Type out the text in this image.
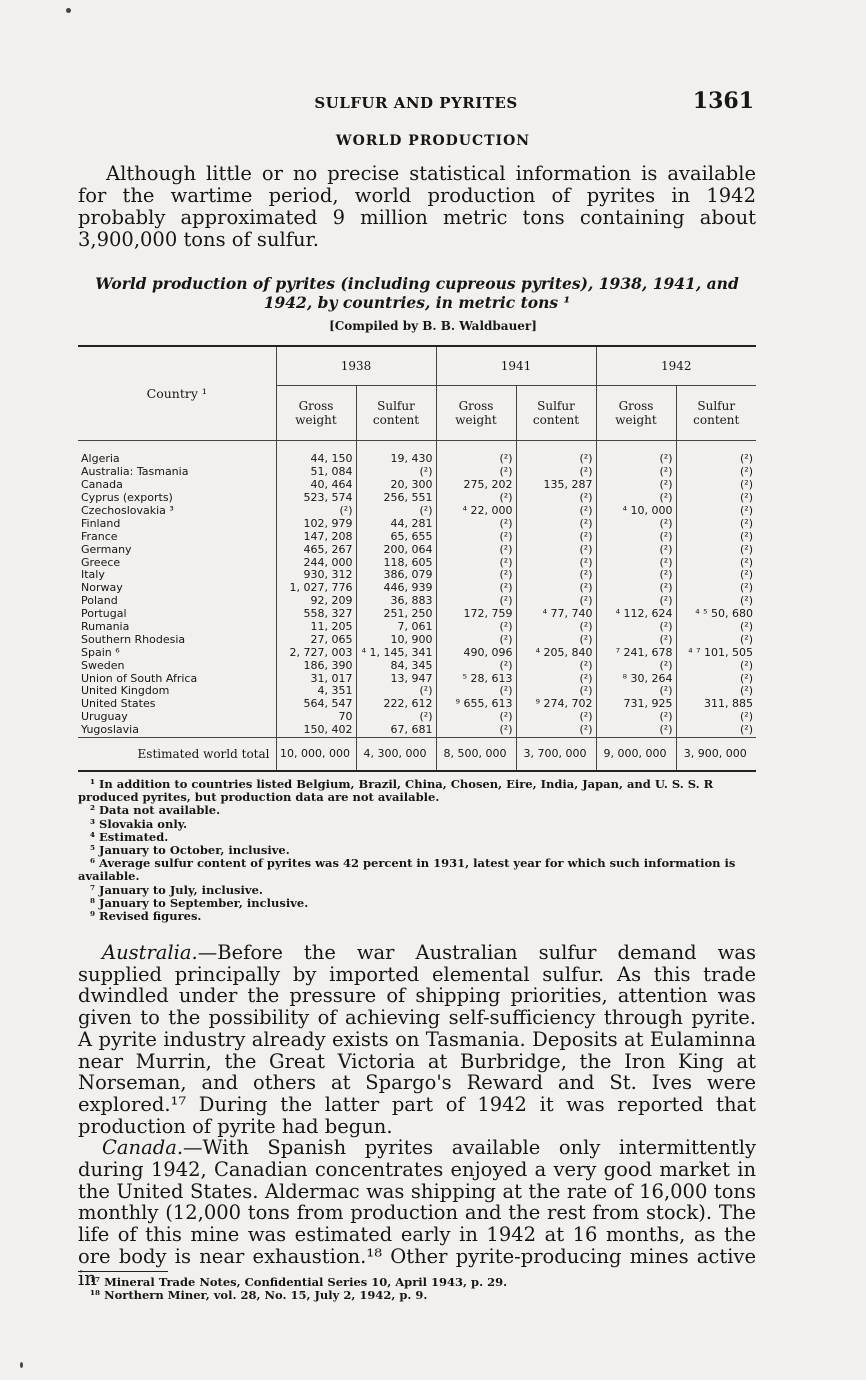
SULFUR AND PYRITES	1361
WORLD PRODUCTION

Although little or no precise statistical information is available for the wartime period, world production of pyrites in 1942 probably approximated 9 million metric tons containing about 3,900,000 tons of sulfur.

World production of pyrites (including cupreous pyrites), 1938, 1941, and 1942, by countries, in metric tons ¹
[Compiled by B. B. Waldbauer]
Country ¹	1938		1941		1942	
	Gross weight	Sulfur content	Gross weight	Sulfur content	Gross weight	Sulfur content
Algeria	44, 150	19, 430	(²)	(²)	(²)	(²)
Australia: Tasmania	51, 084	(²)	(²)	(²)	(²)	(²)
Canada	40, 464	20, 300	275, 202	135, 287	(²)	(²)
Cyprus (exports)	523, 574	256, 551	(²)	(²)	(²)	(²)
Czechoslovakia ³	(²)	(²)	⁴ 22, 000	(²)	⁴ 10, 000	(²)
Finland	102, 979	44, 281	(²)	(²)	(²)	(²)
France	147, 208	65, 655	(²)	(²)	(²)	(²)
Germany	465, 267	200, 064	(²)	(²)	(²)	(²)
Greece	244, 000	118, 605	(²)	(²)	(²)	(²)
Italy	930, 312	386, 079	(²)	(²)	(²)	(²)
Norway	1, 027, 776	446, 939	(²)	(²)	(²)	(²)
Poland	92, 209	36, 883	(²)	(²)	(²)	(²)
Portugal	558, 327	251, 250	172, 759	⁴ 77, 740	⁴ 112, 624	⁴ ⁵ 50, 680
Rumania	11, 205	7, 061	(²)	(²)	(²)	(²)
Southern Rhodesia	27, 065	10, 900	(²)	(²)	(²)	(²)
Spain ⁶	2, 727, 003	⁴ 1, 145, 341	490, 096	⁴ 205, 840	⁷ 241, 678	⁴ ⁷ 101, 505
Sweden	186, 390	84, 345	(²)	(²)	(²)	(²)
Union of South Africa	31, 017	13, 947	⁵ 28, 613	(²)	⁸ 30, 264	(²)
United Kingdom	4, 351	(²)	(²)	(²)	(²)	(²)
United States	564, 547	222, 612	⁹ 655, 613	⁹ 274, 702	731, 925	311, 885
Uruguay	70	(²)	(²)	(²)	(²)	(²)
Yugoslavia	150, 402	67, 681	(²)	(²)	(²)	(²)
Estimated world total	10, 000, 000	4, 300, 000	8, 500, 000	3, 700, 000	9, 000, 000	3, 900, 000
¹ In addition to countries listed Belgium, Brazil, China, Chosen, Eire, India, Japan, and U. S. S. R produced pyrites, but production data are not available.
² Data not available.
³ Slovakia only.
⁴ Estimated.
⁵ January to October, inclusive.
⁶ Average sulfur content of pyrites was 42 percent in 1931, latest year for which such information is available.
⁷ January to July, inclusive.
⁸ January to September, inclusive.
⁹ Revised figures.

Australia.—Before the war Australian sulfur demand was supplied principally by imported elemental sulfur. As this trade dwindled under the pressure of shipping priorities, attention was given to the possibility of achieving self-sufficiency through pyrite. A pyrite industry already exists on Tasmania. Deposits at Eulaminna near Murrin, the Great Victoria at Burbridge, the Iron King at Norseman, and others at Spargo's Reward and St. Ives were explored.¹⁷ During the latter part of 1942 it was reported that production of pyrite had begun.

Canada.—With Spanish pyrites available only intermittently during 1942, Canadian concentrates enjoyed a very good market in the United States. Aldermac was shipping at the rate of 16,000 tons monthly (12,000 tons from production and the rest from stock). The life of this mine was estimated early in 1942 at 16 months, as the ore body is near exhaustion.¹⁸ Other pyrite-producing mines active in

¹⁷ Mineral Trade Notes, Confidential Series 10, April 1943, p. 29.
¹⁸ Northern Miner, vol. 28, No. 15, July 2, 1942, p. 9.
